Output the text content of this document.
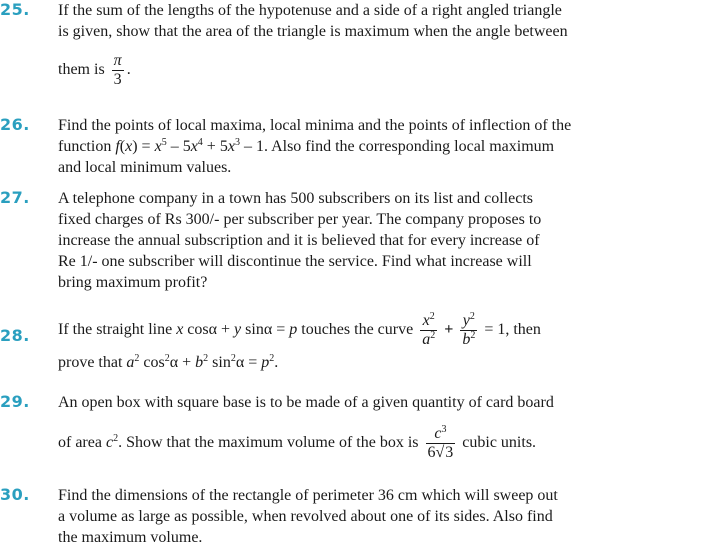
25. If the sum of the lengths of the hypotenuse and a side of a right angled triangle
is given, show that the area of the triangle is maximum when the angle between
them is $\frac{\pi}{3}$ .
26. Find the points of local maxima, local minima and the points of inflection of the
function $f(x) = x^5 - 5x^4 + 5x^3 - 1$. Also find the corresponding local maximum
and local minimum values.
27. A telephone company in a town has 500 subscribers on its list and collects
fixed charges of Rs 300/- per subscriber per year. The company proposes to
increase the annual subscription and it is believed that for every increase of
Re 1/- one subscriber will discontinue the service. Find what increase will
bring maximum profit?
28. If the straight line x cosα + y sinα = p touches the curve $\frac{x^2}{a^2} + \frac{y^2}{b^2} = 1$, then
prove that $a^2$ $\cos^2\alpha + b^2$ $\sin^2\alpha = p^2$.
29. An open box with square base is to be made of a given quantity of card board
of area $c^2$. Show that the maximum volume of the box is $\frac{c^3}{6√3}$ cubic units.
30. Find the dimensions of the rectangle of perimeter 36 cm which will sweep out
a volume as large as possible, when revolved about one of its sides. Also find
the maximum volume.
